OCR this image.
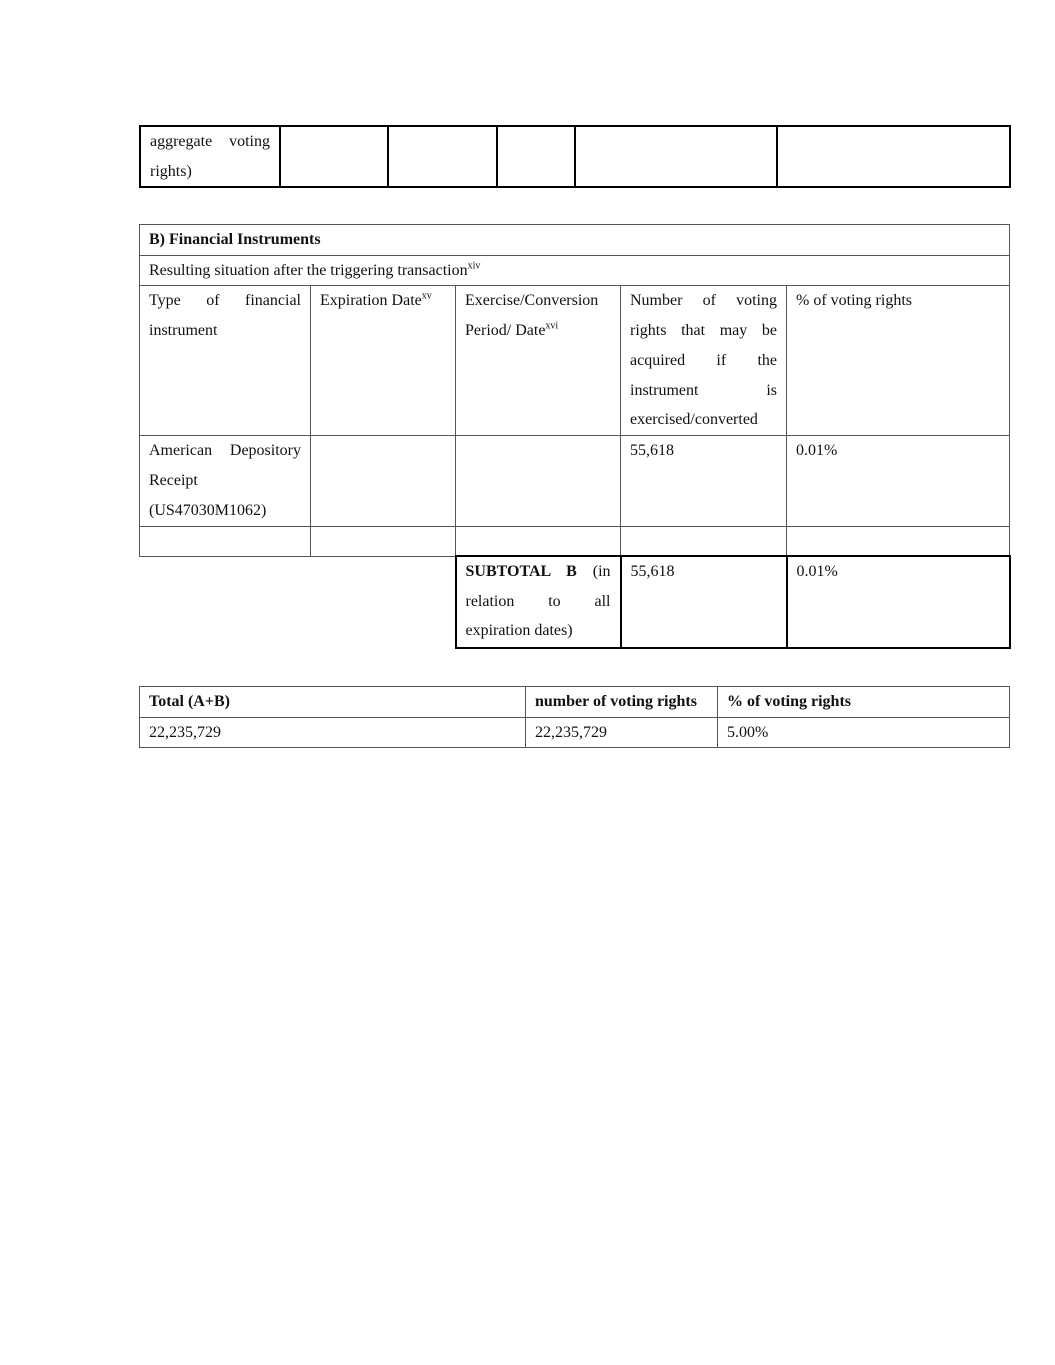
aggregate voting
rights)

B) Financial Instruments				
Resulting situation after the triggering transaction$^{xiv}$
Type of financial instrument	Expiration Date$^{xv}$	Exercise/Conversion Period/ Date$^{xvi}$	Number of voting rights that may be acquired if the instrument is exercised/converted	% of voting rights
American Depository Receipt (US47030M1062)			55,618	0.01%

		SUBTOTAL B (in relation to all expiration dates)	55,618	0.01%
Total (A+B)	number of voting rights	% of voting rights
22,235,729	22,235,729	5.00%
